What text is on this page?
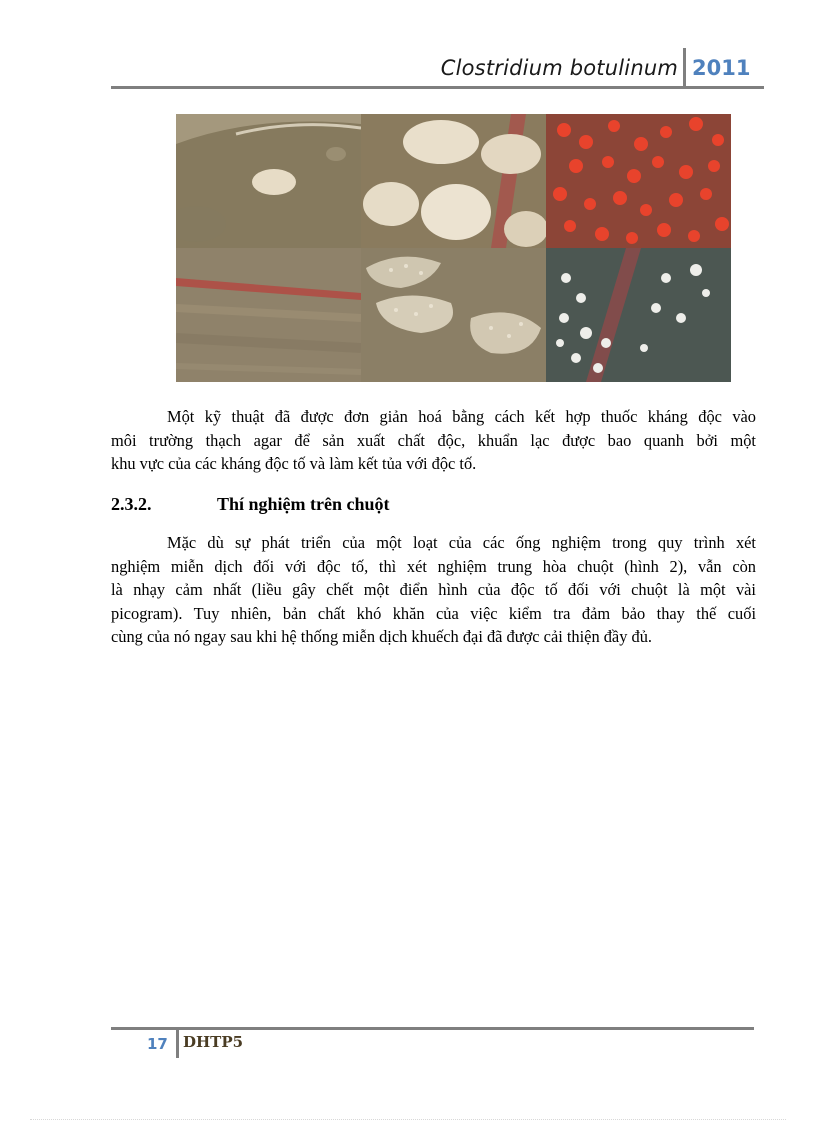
Clostridium botulinum 2011
Một kỹ thuật đã được đơn giản hoá bằng cách kết hợp thuốc kháng độc vào
môi trường thạch agar để sản xuất chất độc, khuẩn lạc được bao quanh bởi một
khu vực của các kháng độc tố và làm kết tủa với độc tố.
2.3.2.	Thí nghiệm trên chuột
Mặc dù sự phát triển của một loạt của các ống nghiệm trong quy trình xét
nghiệm miễn dịch đối với độc tố, thì xét nghiệm trung hòa chuột (hình 2), vẫn còn
là nhạy cảm nhất (liều gây chết một điển hình của độc tố đối với chuột là một vài
picogram). Tuy nhiên, bản chất khó khăn của việc kiểm tra đảm bảo thay thế cuối
cùng của nó ngay sau khi hệ thống miễn dịch khuếch đại đã được cải thiện đầy đủ.
17 DHTP5
